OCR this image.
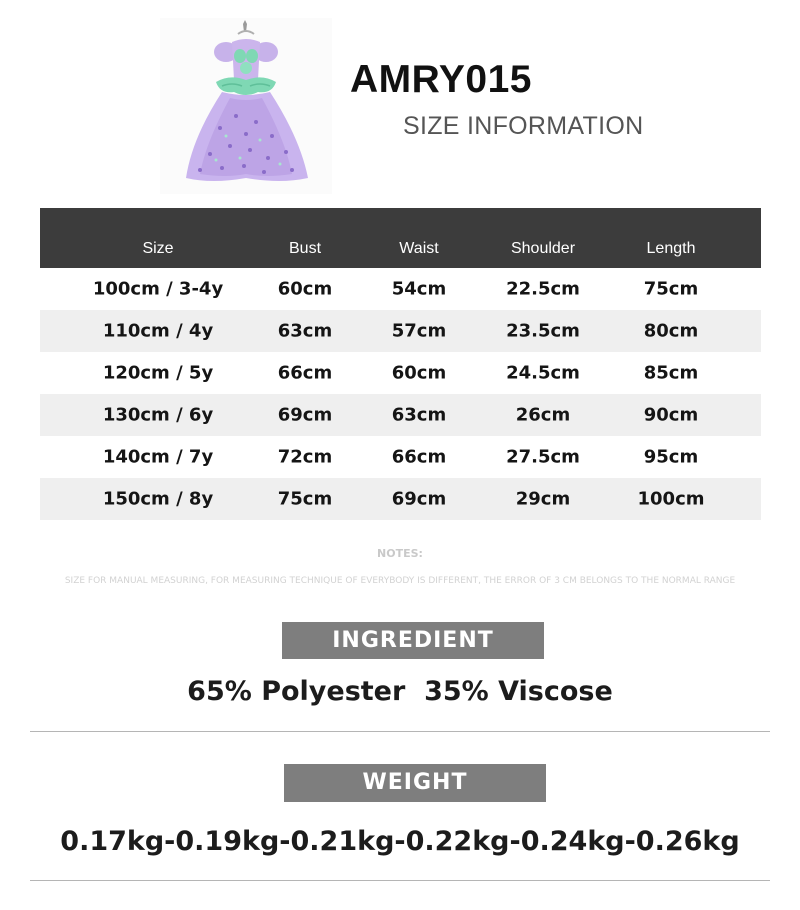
AMRY015
SIZE INFORMATION
Size	Bust	Waist	Shoulder	Length
100cm / 3-4y	60cm	54cm	22.5cm	75cm
110cm / 4y	63cm	57cm	23.5cm	80cm
120cm / 5y	66cm	60cm	24.5cm	85cm
130cm / 6y	69cm	63cm	26cm	90cm
140cm / 7y	72cm	66cm	27.5cm	95cm
150cm / 8y	75cm	69cm	29cm	100cm
NOTES:
SIZE FOR MANUAL MEASURING, FOR MEASURING TECHNIQUE OF EVERYBODY IS DIFFERENT, THE ERROR OF 3 CM BELONGS TO THE NORMAL RANGE
INGREDIENT
65% Polyester  35% Viscose
WEIGHT
0.17kg-0.19kg-0.21kg-0.22kg-0.24kg-0.26kg
